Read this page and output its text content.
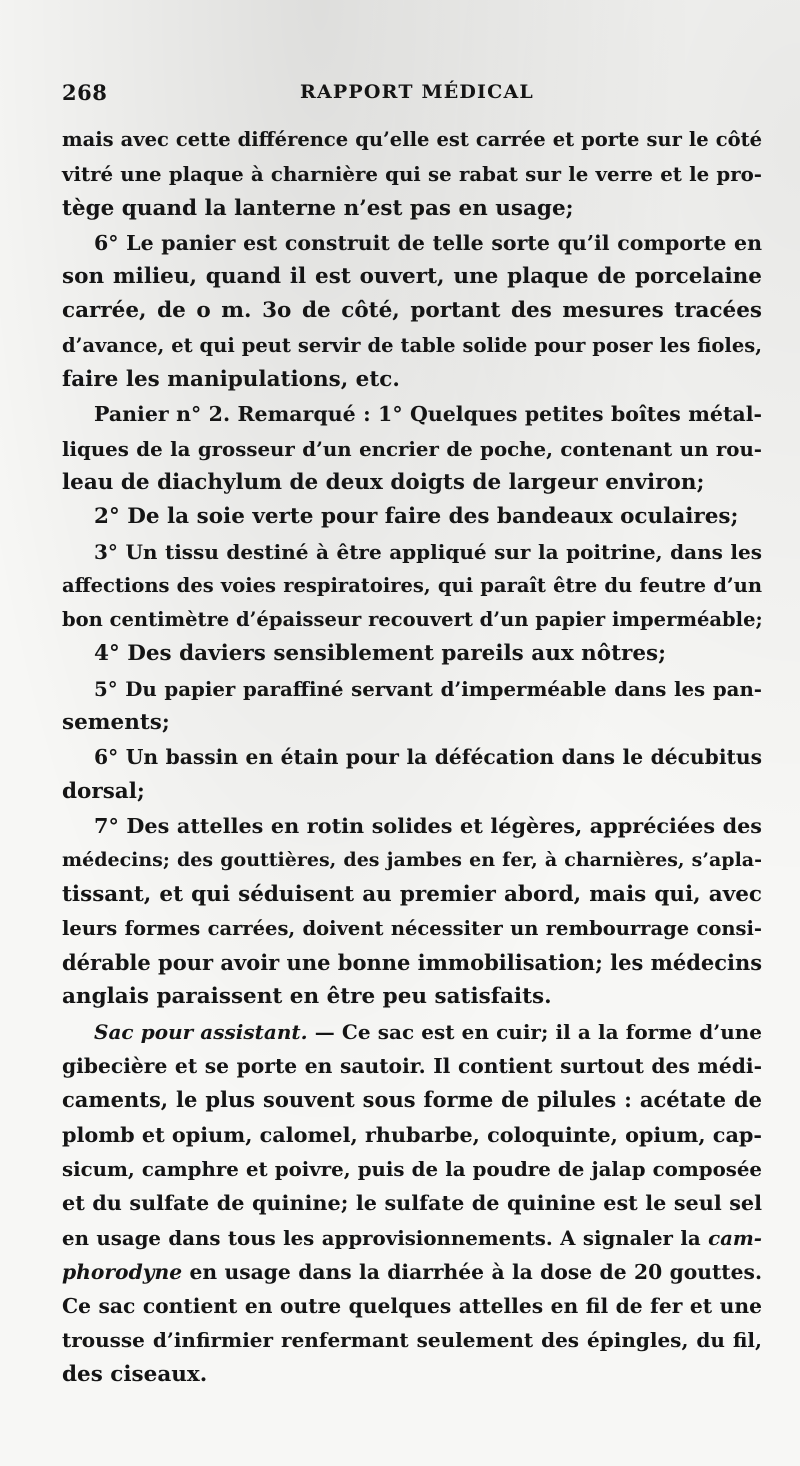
268	RAPPORT MÉDICAL
mais avec cette différence qu’elle est carrée et porte sur le côté
vitré une plaque à charnière qui se rabat sur le verre et le pro-
tège quand la lanterne n’est pas en usage;
6° Le panier est construit de telle sorte qu’il comporte en
son milieu, quand il est ouvert, une plaque de porcelaine
carrée, de o m. 3o de côté, portant des mesures tracées
d’avance, et qui peut servir de table solide pour poser les fioles,
faire les manipulations, etc.
Panier n° 2. Remarqué : 1° Quelques petites boîtes métal-
liques de la grosseur d’un encrier de poche, contenant un rou-
leau de diachylum de deux doigts de largeur environ;
2° De la soie verte pour faire des bandeaux oculaires;
3° Un tissu destiné à être appliqué sur la poitrine, dans les
affections des voies respiratoires, qui paraît être du feutre d’un
bon centimètre d’épaisseur recouvert d’un papier imperméable;
4° Des daviers sensiblement pareils aux nôtres;
5° Du papier paraffiné servant d’imperméable dans les pan-
sements;
6° Un bassin en étain pour la défécation dans le décubitus
dorsal;
7° Des attelles en rotin solides et légères, appréciées des
médecins; des gouttières, des jambes en fer, à charnières, s’apla-
tissant, et qui séduisent au premier abord, mais qui, avec
leurs formes carrées, doivent nécessiter un rembourrage consi-
dérable pour avoir une bonne immobilisation; les médecins
anglais paraissent en être peu satisfaits.
Sac pour assistant. — Ce sac est en cuir; il a la forme d’une
gibecière et se porte en sautoir. Il contient surtout des médi-
caments, le plus souvent sous forme de pilules : acétate de
plomb et opium, calomel, rhubarbe, coloquinte, opium, cap-
sicum, camphre et poivre, puis de la poudre de jalap composée
et du sulfate de quinine; le sulfate de quinine est le seul sel
en usage dans tous les approvisionnements. A signaler la cam-
phorodyne en usage dans la diarrhée à la dose de 20 gouttes.
Ce sac contient en outre quelques attelles en fil de fer et une
trousse d’infirmier renfermant seulement des épingles, du fil,
des ciseaux.
